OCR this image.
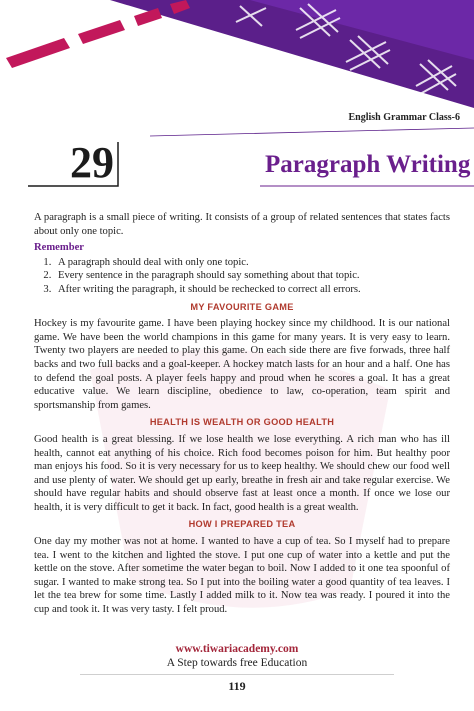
English Grammar Class-6
29	Paragraph Writing

A paragraph is a small piece of writing. It consists of a group of related sentences that states facts about only one topic.

Remember
1. A paragraph should deal with only one topic.
2. Every sentence in the paragraph should say something about that topic.
3. After writing the paragraph, it should be rechecked to correct all errors.
MY FAVOURITE GAME

Hockey is my favourite game. I have been playing hockey since my childhood. It is our national game. We have been the world champions in this game for many years. It is very easy to learn. Twenty two players are needed to play this game. On each side there are five forwads, three half backs and two full backs and a goal-keeper. A hockey match lasts for an hour and a half. One has to defend the goal posts. A player feels happy and proud when he scores a goal. It has a great educative value. We learn discipline, obedience to law, co-operation, team spirit and sportsmanship from games.

HEALTH IS WEALTH OR GOOD HEALTH

Good health is a great blessing. If we lose health we lose everything. A rich man who has ill health, cannot eat anything of his choice. Rich food becomes poison for him. But healthy poor man enjoys his food. So it is very necessary for us to keep healthy. We should chew our food well and use plenty of water. We should get up early, breathe in fresh air and take regular exercise. We should have regular habits and should observe fast at least once a month. If once we lose our health, it is very difficult to get it back. In fact, good health is a great wealth.

HOW I PREPARED TEA

One day my mother was not at home. I wanted to have a cup of tea. So I myself had to prepare tea. I went to the kitchen and lighted the stove. I put one cup of water into a kettle and put the kettle on the stove. After sometime the water began to boil. Now I added to it one tea spoonful of sugar. I wanted to make strong tea. So I put into the boiling water a good quantity of tea leaves. I let the tea brew for some time. Lastly I added milk to it. Now tea was ready. I poured it into the cup and took it. It was very tasty. I felt proud.

www.tiwariacademy.com
A Step towards free Education
119
